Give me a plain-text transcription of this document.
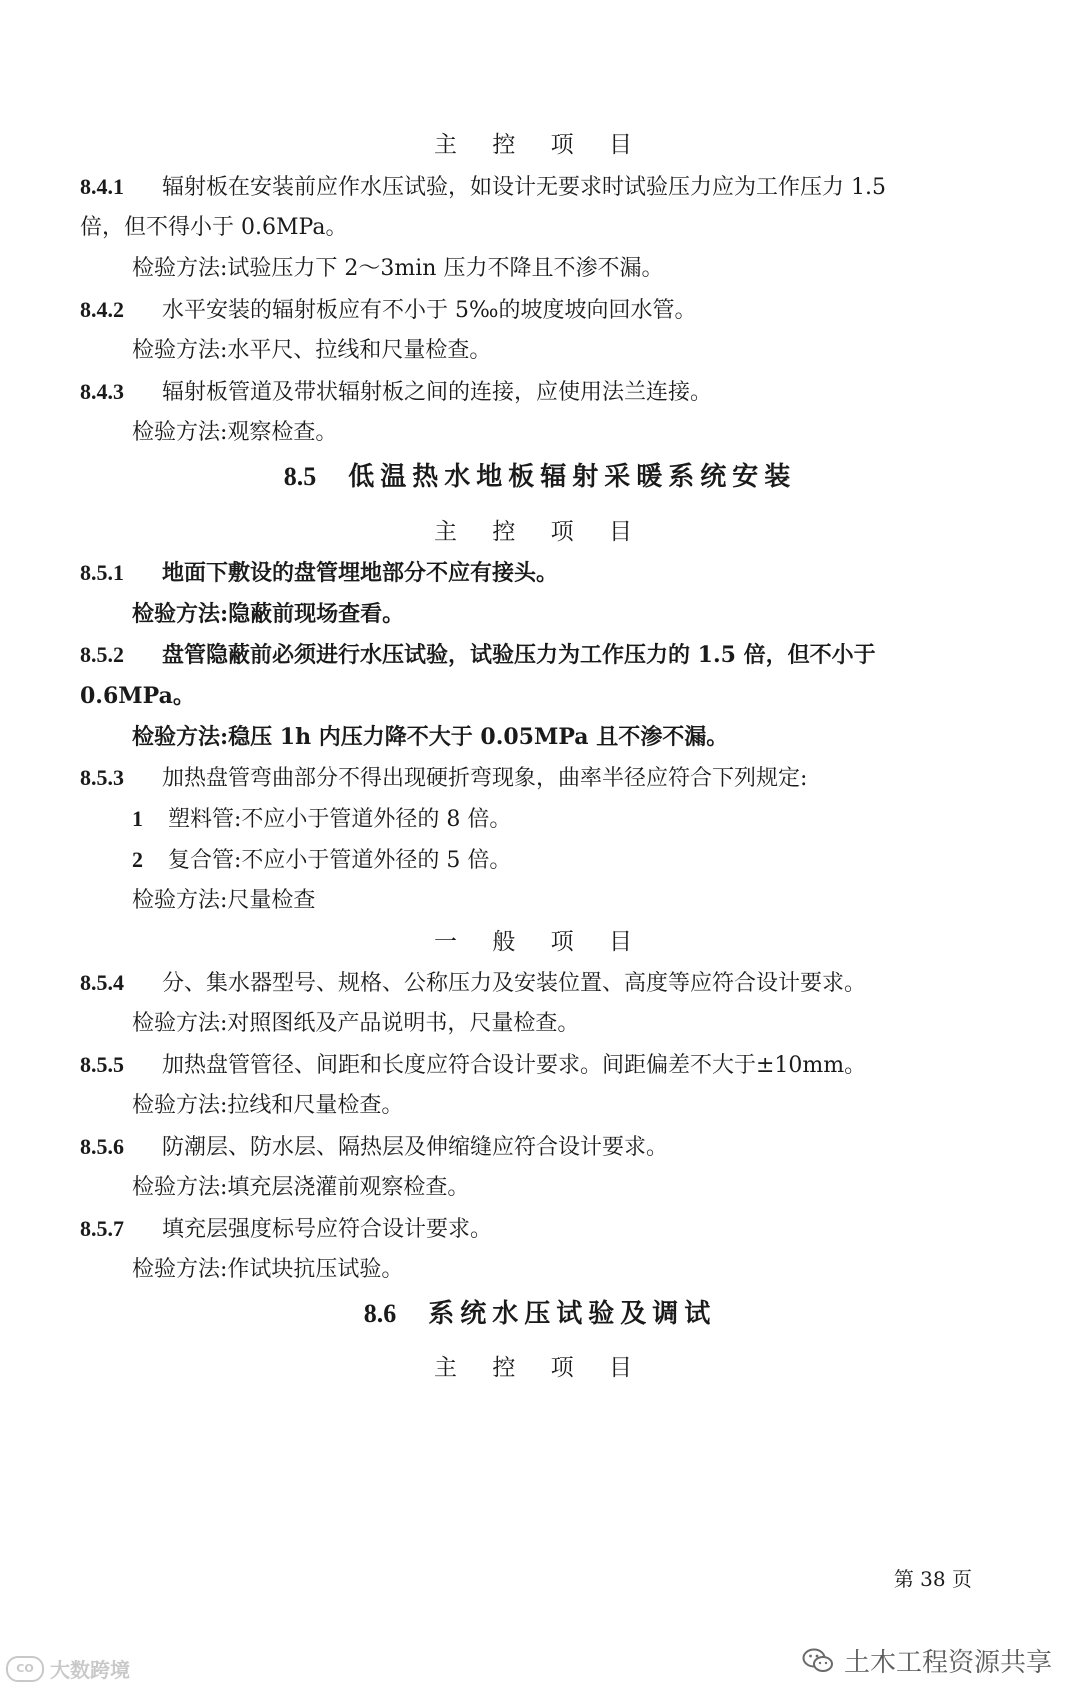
主 控 项 目
8.4.1 辐射板在安装前应作水压试验，如设计无要求时试验压力应为工作压力 1.5
倍，但不得小于 0.6MPa。
检验方法:试验压力下 2～3min 压力不降且不渗不漏。
8.4.2 水平安装的辐射板应有不小于 5‰的坡度坡向回水管。
检验方法:水平尺、拉线和尺量检查。
8.4.3 辐射板管道及带状辐射板之间的连接，应使用法兰连接。
检验方法:观察检查。
8.5 低温热水地板辐射采暖系统安装
主 控 项 目
8.5.1 地面下敷设的盘管埋地部分不应有接头。
检验方法:隐蔽前现场查看。
8.5.2 盘管隐蔽前必须进行水压试验，试验压力为工作压力的 1.5 倍，但不小于
0.6MPa。
检验方法:稳压 1h 内压力降不大于 0.05MPa 且不渗不漏。
8.5.3 加热盘管弯曲部分不得出现硬折弯现象，曲率半径应符合下列规定:
1 塑料管:不应小于管道外径的 8 倍。
2 复合管:不应小于管道外径的 5 倍。
检验方法:尺量检查
一 般 项 目
8.5.4 分、集水器型号、规格、公称压力及安装位置、高度等应符合设计要求。
检验方法:对照图纸及产品说明书，尺量检查。
8.5.5 加热盘管管径、间距和长度应符合设计要求。间距偏差不大于±10mm。
检验方法:拉线和尺量检查。
8.5.6 防潮层、防水层、隔热层及伸缩缝应符合设计要求。
检验方法:填充层浇灌前观察检查。
8.5.7 填充层强度标号应符合设计要求。
检验方法:作试块抗压试验。
8.6 系统水压试验及调试
主 控 项 目
第 38 页
CO 大数跨境	土木工程资源共享
